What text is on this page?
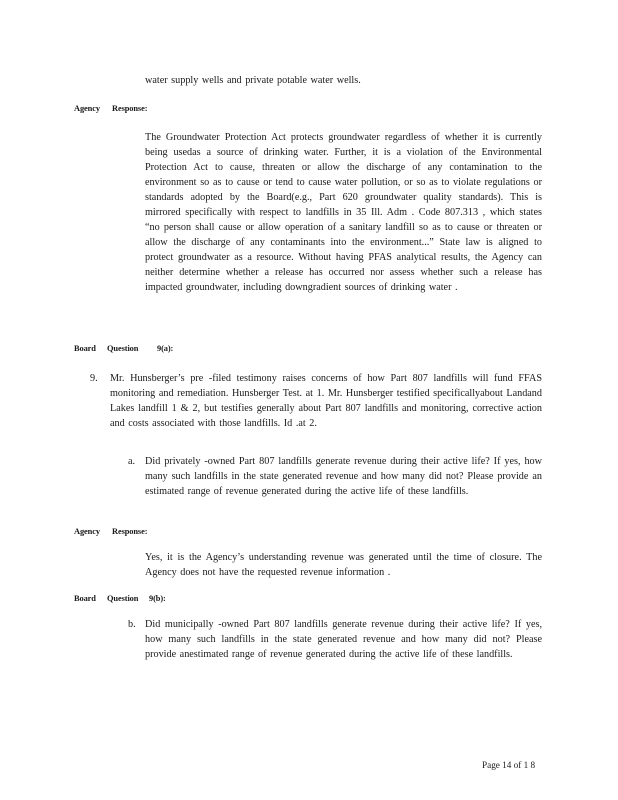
water supply wells and private potable water wells.

Agency Response:

The Groundwater Protection Act protects groundwater regardless of whether it is currently being usedas a source of drinking water. Further, it is a violation of the Environmental Protection Act to cause, threaten or allow the discharge of any contamination to the environment so as to cause or tend to cause water pollution, or so as to violate regulations or standards adopted by the Board(e.g., Part 620 groundwater quality standards). This is mirrored specifically with respect to landfills in 35 Ill. Adm . Code 807.313 , which states “no person shall cause or allow operation of a sanitary landfill so as to cause or threaten or allow the discharge of any contaminants into the environment...” State law is aligned to protect groundwater as a resource. Without having PFAS analytical results, the Agency can neither determine whether a release has occurred nor assess whether such a release has impacted groundwater, including downgradient sources of drinking water .

Board Question 9(a):
9. Mr. Hunsberger’s pre -filed testimony raises concerns of how Part 807 landfills will fund FFAS monitoring and remediation. Hunsberger Test. at 1. Mr. Hunsberger testified specificallyabout Landand Lakes landfill 1 & 2, but testifies generally about Part 807 landfills and monitoring, corrective action and costs associated with those landfills. Id .at 2.

a. Did privately -owned Part 807 landfills generate revenue during their active life? If yes, how many such landfills in the state generated revenue and how many did not? Please provide an estimated range of revenue generated during the active life of these landfills.

Agency Response:

Yes, it is the Agency’s understanding revenue was generated until the time of closure. The Agency does not have the requested revenue information .

Board Question 9(b):
b. Did municipally -owned Part 807 landfills generate revenue during their active life? If yes, how many such landfills in the state generated revenue and how many did not? Please provide anestimated range of revenue generated during the active life of these landfills.

Page 14 of 1 8
